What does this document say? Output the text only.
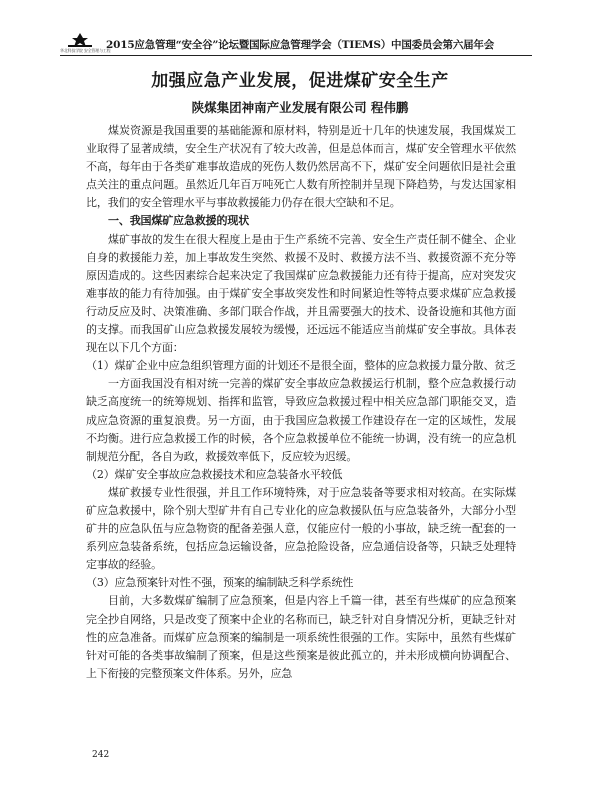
华北科技学院 安全管理与工程
2015应急管理“安全谷”论坛暨国际应急管理学会（TIEMS）中国委员会第六届年会
加强应急产业发展，促进煤矿安全生产
陕煤集团神南产业发展有限公司 程伟鹏

煤炭资源是我国重要的基础能源和原材料，特别是近十几年的快速发展，我国煤炭工业取得了显著成绩，安全生产状况有了较大改善，但是总体而言，煤矿安全管理水平依然不高，每年由于各类矿难事故造成的死伤人数仍然居高不下，煤矿安全问题依旧是社会重点关注的重点问题。虽然近几年百万吨死亡人数有所控制并呈现下降趋势，与发达国家相比，我们的安全管理水平与事故救援能力仍存在很大空缺和不足。

一、我国煤矿应急救援的现状

煤矿事故的发生在很大程度上是由于生产系统不完善、安全生产责任制不健全、企业自身的救援能力差，加上事故发生突然、救援不及时、救援方法不当、救援资源不充分等原因造成的。这些因素综合起来决定了我国煤矿应急救援能力还有待于提高，应对突发灾难事故的能力有待加强。由于煤矿安全事故突发性和时间紧迫性等特点要求煤矿应急救援行动反应及时、决策准确、多部门联合作战，并且需要强大的技术、设备设施和其他方面的支撑。而我国矿山应急救援发展较为缓慢，还远远不能适应当前煤矿安全事故。具体表现在以下几个方面：

（1）煤矿企业中应急组织管理方面的计划还不是很全面，整体的应急救援力量分散、贫乏

一方面我国没有相对统一完善的煤矿安全事故应急救援运行机制，整个应急救援行动缺乏高度统一的统筹规划、指挥和监管，导致应急救援过程中相关应急部门职能交叉，造成应急资源的重复浪费。另一方面，由于我国应急救援工作建设存在一定的区域性，发展不均衡。进行应急救援工作的时候，各个应急救援单位不能统一协调，没有统一的应急机制规范分配，各自为政，救援效率低下，反应较为迟缓。

（2）煤矿安全事故应急救援技术和应急装备水平较低

煤矿救援专业性很强，并且工作环境特殊，对于应急装备等要求相对较高。在实际煤矿应急救援中，除个别大型矿井有自己专业化的应急救援队伍与应急装备外，大部分小型矿井的应急队伍与应急物资的配备差强人意，仅能应付一般的小事故，缺乏统一配套的一系列应急装备系统，包括应急运输设备，应急抢险设备，应急通信设备等，只缺乏处理特定事故的经验。

（3）应急预案针对性不强，预案的编制缺乏科学系统性

目前，大多数煤矿编制了应急预案，但是内容上千篇一律，甚至有些煤矿的应急预案完全抄自网络，只是改变了预案中企业的名称而已，缺乏针对自身情况分析，更缺乏针对性的应急准备。而煤矿应急预案的编制是一项系统性很强的工作。实际中，虽然有些煤矿针对可能的各类事故编制了预案，但是这些预案是彼此孤立的，并未形成横向协调配合、上下衔接的完整预案文件体系。另外，应急

242
